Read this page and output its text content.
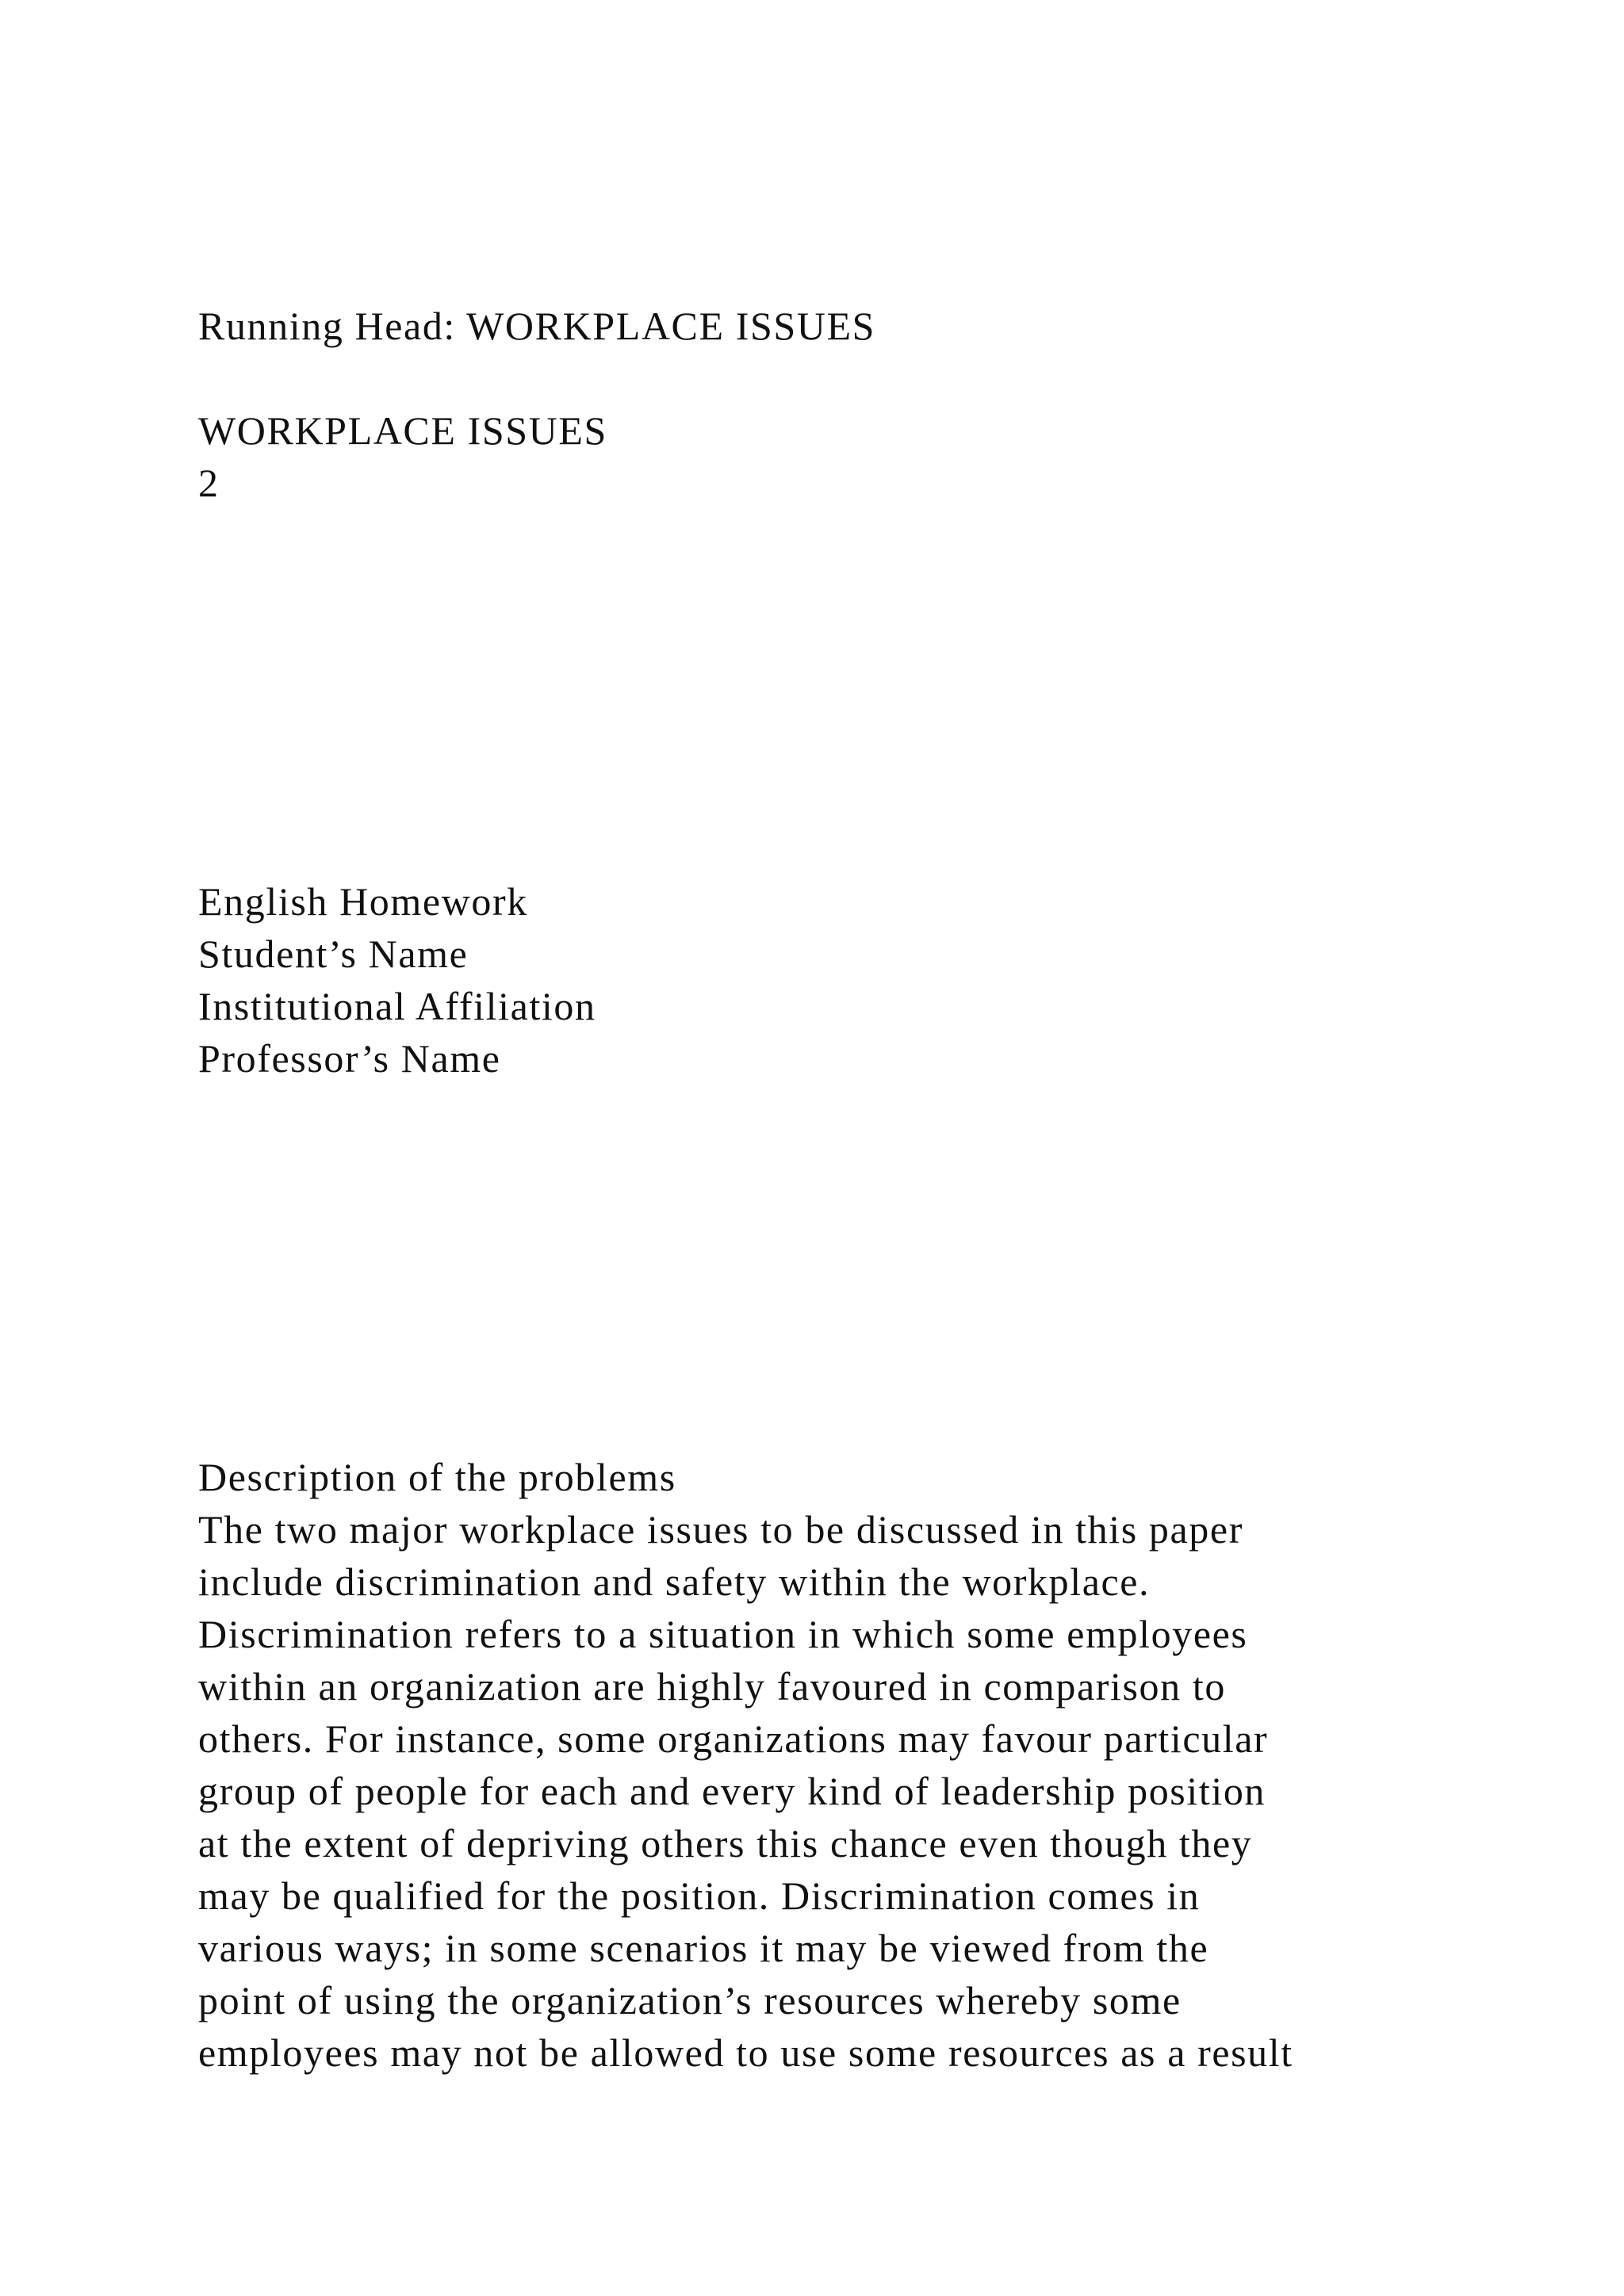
Running Head: WORKPLACE ISSUES

WORKPLACE ISSUES

2

English Homework

Student’s Name

Institutional Affiliation

Professor’s Name

Description of the problems

The two major workplace issues to be discussed in this paper

include discrimination and safety within the workplace.

Discrimination refers to a situation in which some employees

within an organization are highly favoured in comparison to

others. For instance, some organizations may favour particular

group of people for each and every kind of leadership position

at the extent of depriving others this chance even though they

may be qualified for the position. Discrimination comes in

various ways; in some scenarios it may be viewed from the

point of using the organization’s resources whereby some

employees may not be allowed to use some resources as a result
